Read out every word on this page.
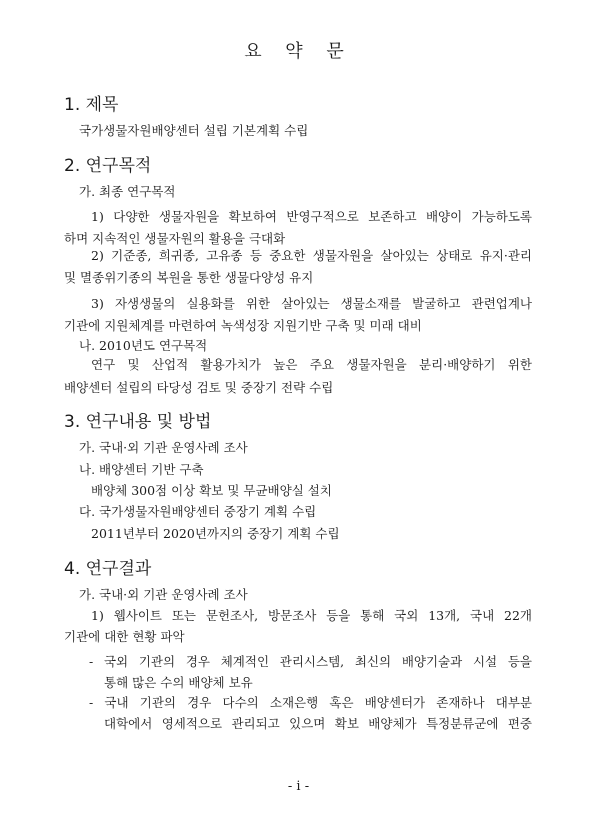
요 약 문
1. 제목
국가생물자원배양센터 설립 기본계획 수립
2. 연구목적
가. 최종 연구목적
1) 다양한 생물자원을 확보하여 반영구적으로 보존하고 배양이 가능하도록
하며 지속적인 생물자원의 활용을 극대화
2) 기준종, 희귀종, 고유종 등 중요한 생물자원을 살아있는 상태로 유지·관리
및 멸종위기종의 복원을 통한 생물다양성 유지
3) 자생생물의 실용화를 위한 살아있는 생물소재를 발굴하고 관련업계나
기관에 지원체계를 마련하여 녹색성장 지원기반 구축 및 미래 대비
나. 2010년도 연구목적
연구 및 산업적 활용가치가 높은 주요 생물자원을 분리·배양하기 위한
배양센터 설립의 타당성 검토 및 중장기 전략 수립
3. 연구내용 및 방법
가. 국내·외 기관 운영사례 조사
나. 배양센터 기반 구축
배양체 300점 이상 확보 및 무균배양실 설치
다. 국가생물자원배양센터 중장기 계획 수립
2011년부터 2020년까지의 중장기 계획 수립
4. 연구결과
가. 국내·외 기관 운영사례 조사
1) 웹사이트 또는 문헌조사, 방문조사 등을 통해 국외 13개, 국내 22개
기관에 대한 현황 파악
- 국외 기관의 경우 체계적인 관리시스템, 최신의 배양기술과 시설 등을
통해 많은 수의 배양체 보유
- 국내 기관의 경우 다수의 소재은행 혹은 배양센터가 존재하나 대부분
대학에서 영세적으로 관리되고 있으며 확보 배양체가 특정분류군에 편중
- i -
